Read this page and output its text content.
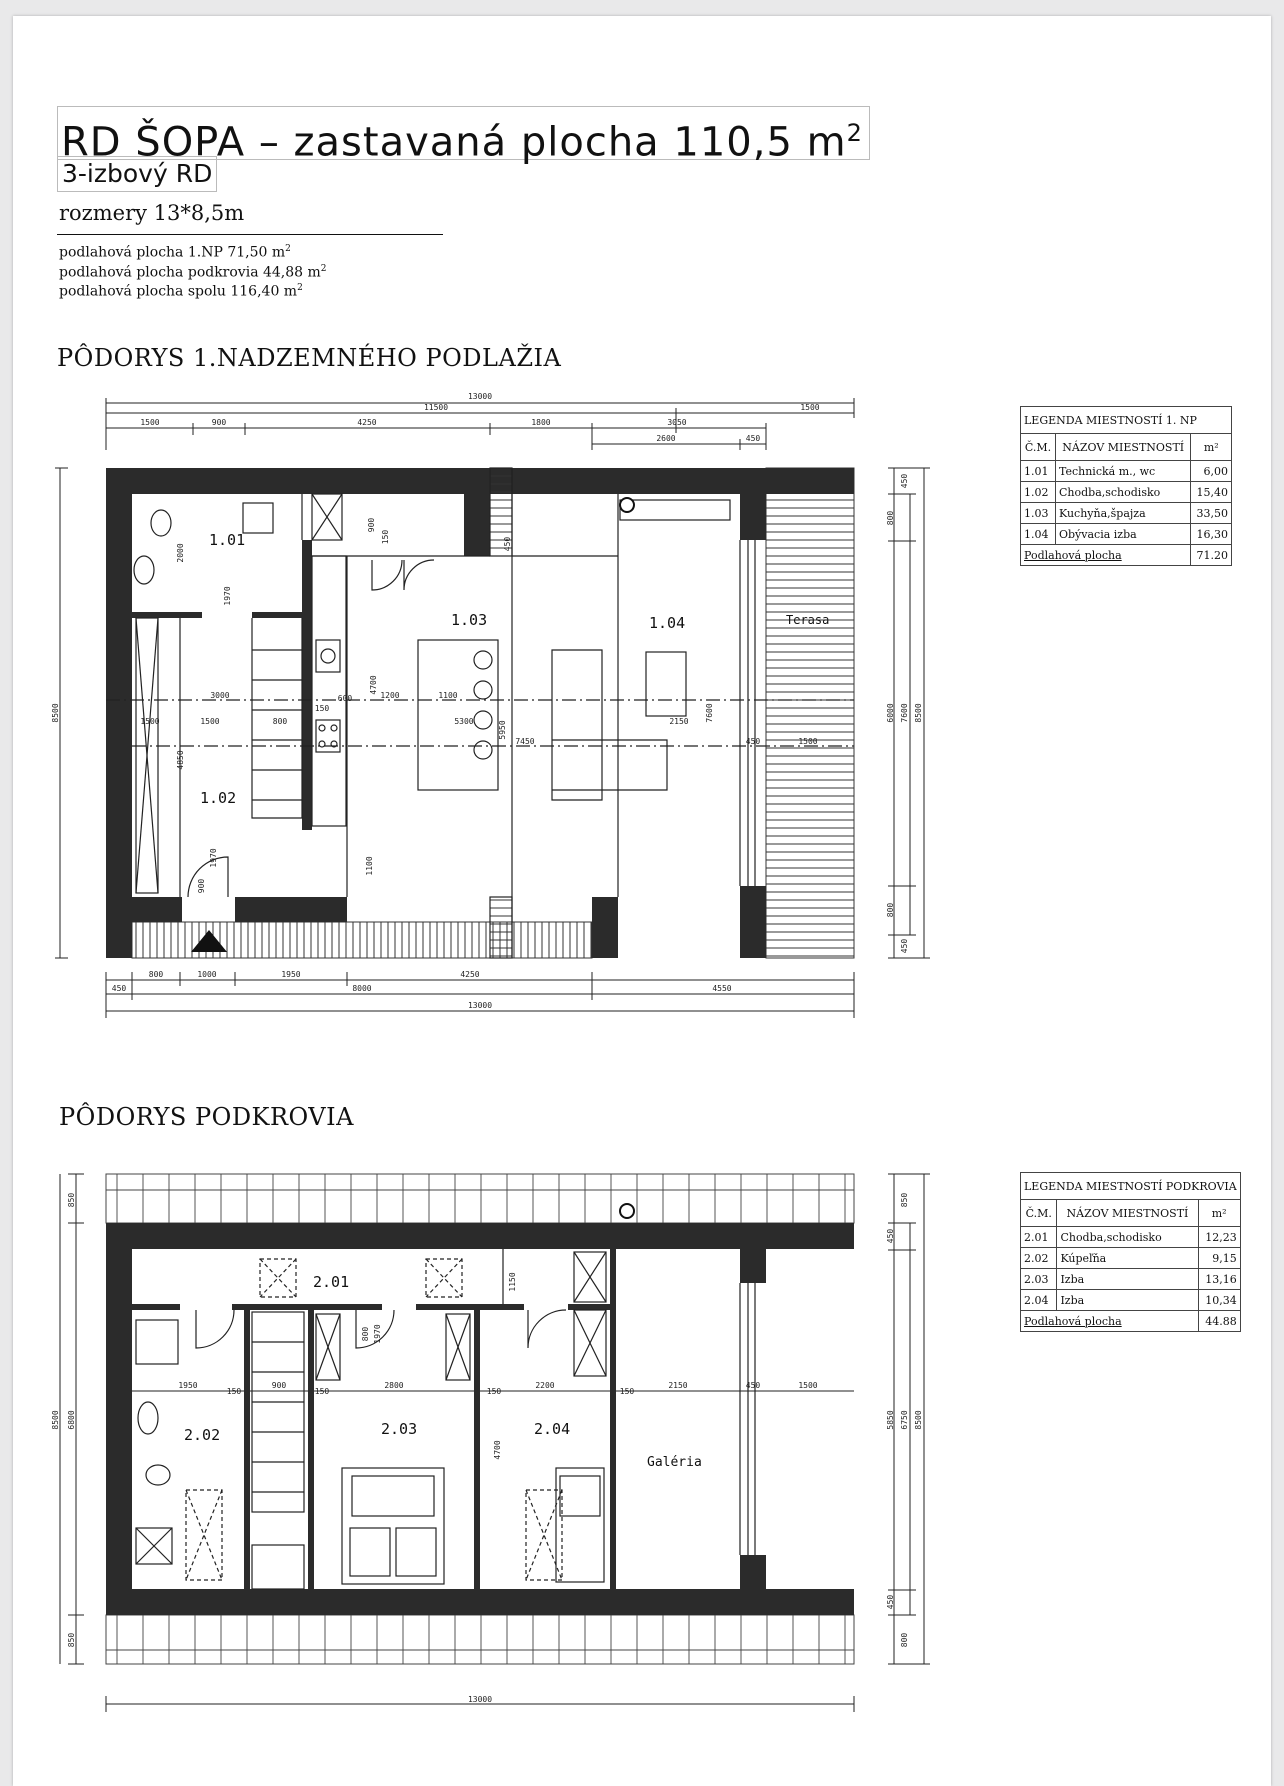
RD ŠOPA – zastavaná plocha 110,5 $m^2$
3-izbový RD
rozmery 13*8,5m
podlahová plocha 1.NP 71,50 $m^2$
podlahová plocha podkrovia 44,88 $m^2$
podlahová plocha spolu 116,40 $m^2$
PÔDORYS 1.NADZEMNÉHO PODLAŽIA
PÔDORYS PODKROVIA
LEGENDA MIESTNOSTÍ 1. NP		
Č.M.	NÁZOV MIESTNOSTÍ	m²
1.01	Technická m., wc	6,00
1.02	Chodba,schodisko	15,40
1.03	Kuchyňa,špajza	33,50
1.04	Obývacia izba	16,30
Podlahová plocha		71.20
LEGENDA MIESTNOSTÍ PODKROVIA		
Č.M.	NÁZOV MIESTNOSTÍ	m²
2.01	Chodba,schodisko	12,23
2.02	Kúpeľňa	9,15
2.03	Izba	13,16
2.04	Izba	10,34
Podlahová plocha		44.88
1.01
1.02
1.03	1.04	Terasa
13000
11500	1500
1500	900	4250	1800	3050
2600	450
800	1000	1950	4250
450	8000	4550
13000
600
3000	1200	1100
1500	800
150
5300
7450
2150
450	1500
1500
8500
450
800
6000 7600 8500
800
450
4700
4850
2000
1100
900
150
5950
7600
450
1970
900
1970
2.01
2.02	2.03	2.04
Galéria
1950
150
900
150
2800
150
2200
150
2150	450	1500
13000
850
8500 6800
850
450
5850 6750 8500
450
800
850
1150
4700
800 1970
